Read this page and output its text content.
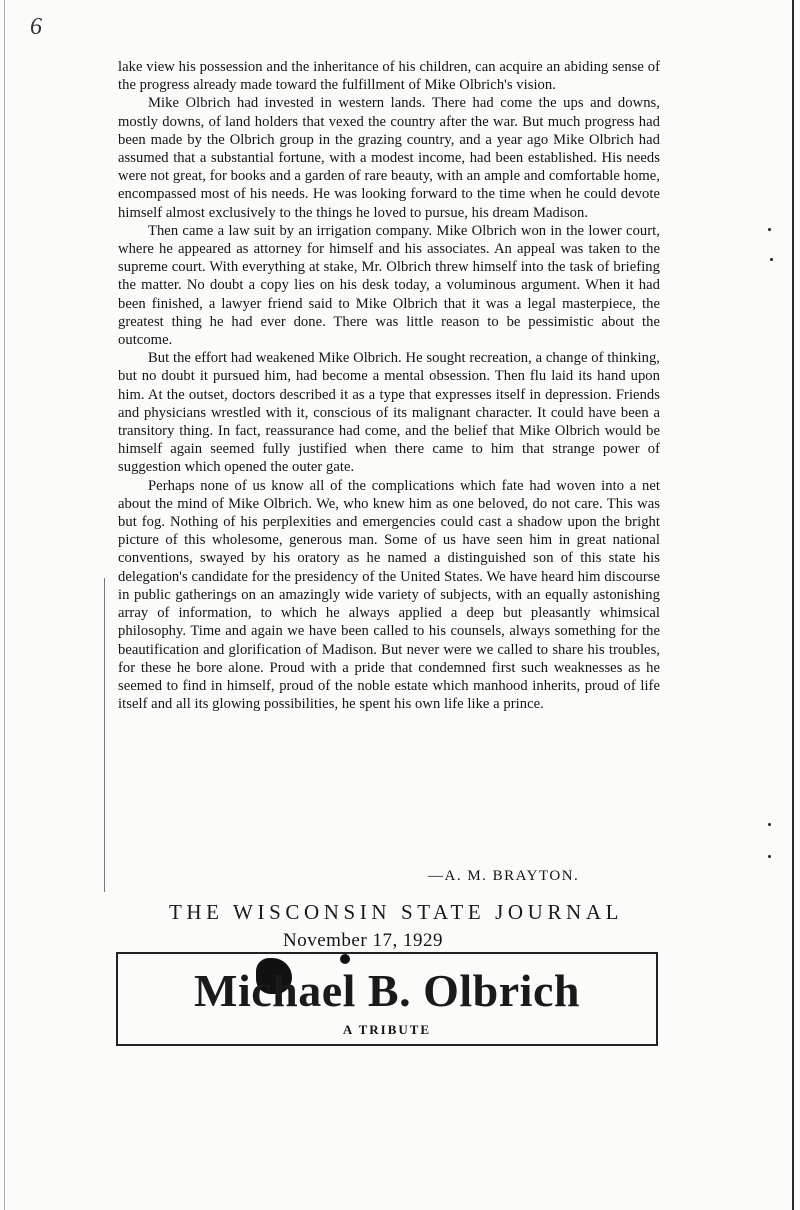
6

lake view his possession and the inheritance of his children, can acquire an abiding sense of the progress already made toward the fulfillment of Mike Olbrich's vision.

Mike Olbrich had invested in western lands. There had come the ups and downs, mostly downs, of land holders that vexed the country after the war. But much progress had been made by the Olbrich group in the grazing country, and a year ago Mike Olbrich had assumed that a substantial fortune, with a modest income, had been established. His needs were not great, for books and a garden of rare beauty, with an ample and comfortable home, encompassed most of his needs. He was looking forward to the time when he could devote himself almost exclusively to the things he loved to pursue, his dream Madison.

Then came a law suit by an irrigation company. Mike Olbrich won in the lower court, where he appeared as attorney for himself and his associates. An appeal was taken to the supreme court. With everything at stake, Mr. Olbrich threw himself into the task of briefing the matter. No doubt a copy lies on his desk today, a voluminous argument. When it had been finished, a lawyer friend said to Mike Olbrich that it was a legal masterpiece, the greatest thing he had ever done. There was little reason to be pessimistic about the outcome.

But the effort had weakened Mike Olbrich. He sought recreation, a change of thinking, but no doubt it pursued him, had become a mental obsession. Then flu laid its hand upon him. At the outset, doctors described it as a type that expresses itself in depression. Friends and physicians wrestled with it, conscious of its malignant character. It could have been a transitory thing. In fact, reassurance had come, and the belief that Mike Olbrich would be himself again seemed fully justified when there came to him that strange power of suggestion which opened the outer gate.

Perhaps none of us know all of the complications which fate had woven into a net about the mind of Mike Olbrich. We, who knew him as one beloved, do not care. This was but fog. Nothing of his perplexities and emergencies could cast a shadow upon the bright picture of this wholesome, generous man. Some of us have seen him in great national conventions, swayed by his oratory as he named a distinguished son of this state his delegation's candidate for the presidency of the United States. We have heard him discourse in public gatherings on an amazingly wide variety of subjects, with an equally astonishing array of information, to which he always applied a deep but pleasantly whimsical philosophy. Time and again we have been called to his counsels, always something for the beautification and glorification of Madison. But never were we called to share his troubles, for these he bore alone. Proud with a pride that condemned first such weaknesses as he seemed to find in himself, proud of the noble estate which manhood inherits, proud of life itself and all its glowing possibilities, he spent his own life like a prince.

—A. M. BRAYTON.
THE WISCONSIN STATE JOURNAL
November 17, 1929
Michael B. Olbrich
A TRIBUTE
